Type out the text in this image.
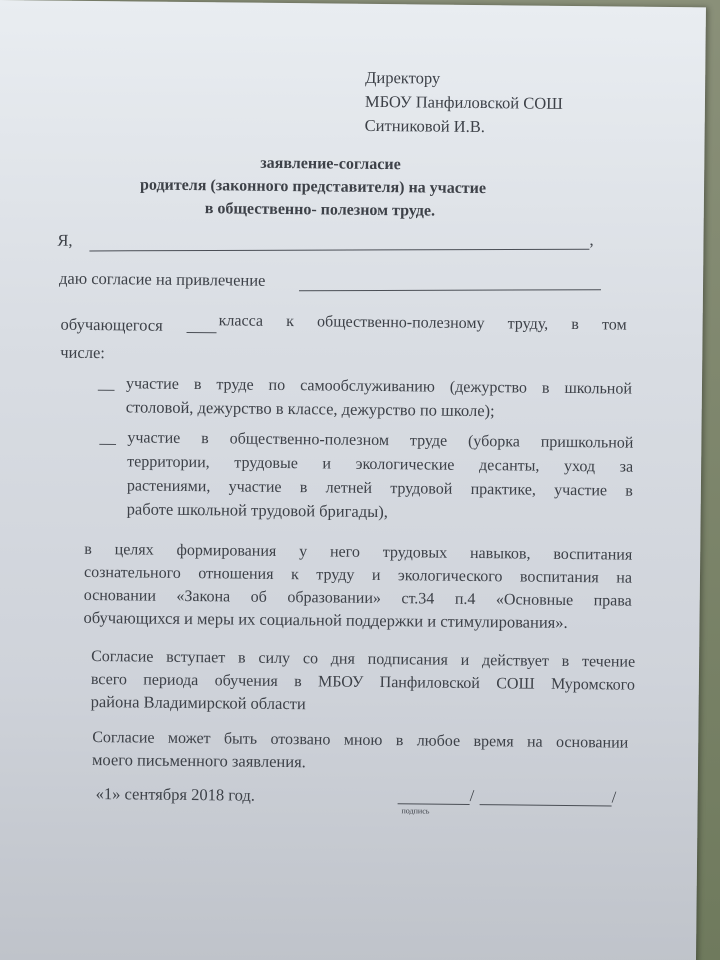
Директору
МБОУ Панфиловской СОШ
Ситниковой И.В.
заявление-согласие
родителя (законного представителя) на участие
в общественно- полезном труде.
Я,	,
даю согласие на привлечение
обучающегося	класса к общественно-полезному труду, в том
числе:
— участие в труде по самообслуживанию (дежурство в школьной
столовой, дежурство в классе, дежурство по школе);
— участие в общественно-полезном труде (уборка пришкольной
территории, трудовые и экологические десанты, уход за
растениями, участие в летней трудовой практике, участие в
работе школьной трудовой бригады),
в целях формирования у него трудовых навыков, воспитания
сознательного отношения к труду и экологического воспитания на
основании «Закона об образовании» ст.34 п.4 «Основные права
обучающихся и меры их социальной поддержки и стимулирования».
Согласие вступает в силу со дня подписания и действует в течение
всего периода обучения в МБОУ Панфиловской СОШ Муромского
района Владимирской области
Согласие может быть отозвано мною в любое время на основании
моего письменного заявления.
«1» сентября 2018 год.	/	/
подпись
